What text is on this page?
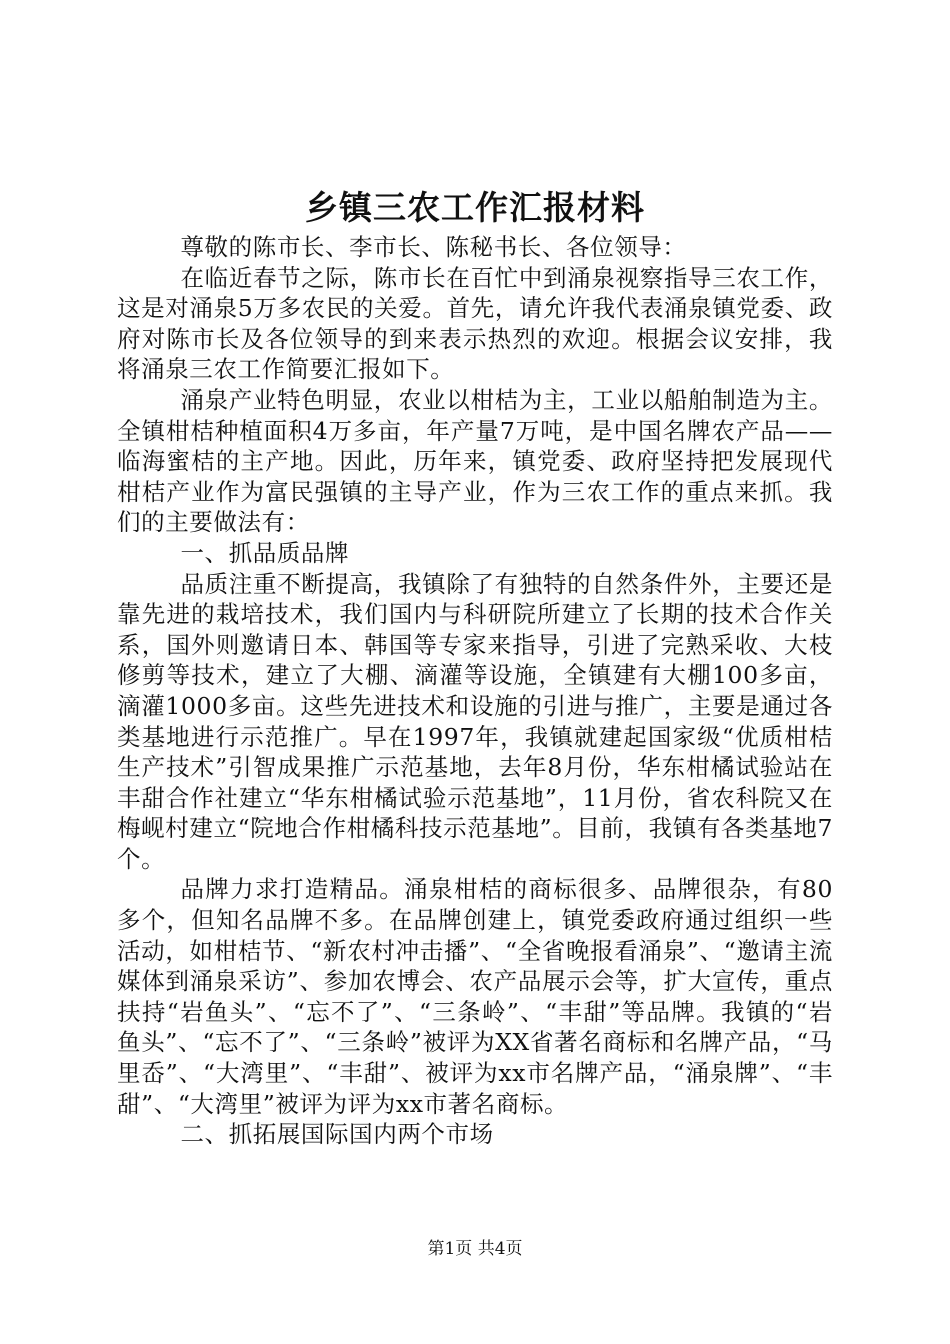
乡镇三农工作汇报材料

尊敬的陈市长、李市长、陈秘书长、各位领导：

在临近春节之际，陈市长在百忙中到涌泉视察指导三农工作，这是对涌泉5万多农民的关爱。首先，请允许我代表涌泉镇党委、政府对陈市长及各位领导的到来表示热烈的欢迎。根据会议安排，我将涌泉三农工作简要汇报如下。

涌泉产业特色明显，农业以柑桔为主，工业以船舶制造为主。全镇柑桔种植面积4万多亩，年产量7万吨，是中国名牌农产品——临海蜜桔的主产地。因此，历年来，镇党委、政府坚持把发展现代柑桔产业作为富民强镇的主导产业，作为三农工作的重点来抓。我们的主要做法有：

一、抓品质品牌

品质注重不断提高，我镇除了有独特的自然条件外，主要还是靠先进的栽培技术，我们国内与科研院所建立了长期的技术合作关系，国外则邀请日本、韩国等专家来指导，引进了完熟采收、大枝修剪等技术，建立了大棚、滴灌等设施，全镇建有大棚100多亩，滴灌1000多亩。这些先进技术和设施的引进与推广，主要是通过各类基地进行示范推广。早在1997年，我镇就建起国家级“优质柑桔生产技术”引智成果推广示范基地，去年8月份，华东柑橘试验站在丰甜合作社建立“华东柑橘试验示范基地”，11月份，省农科院又在梅岘村建立“院地合作柑橘科技示范基地”。目前，我镇有各类基地7个。

品牌力求打造精品。涌泉柑桔的商标很多、品牌很杂，有80多个，但知名品牌不多。在品牌创建上，镇党委政府通过组织一些活动，如柑桔节、“新农村冲击播”、“全省晚报看涌泉”、“邀请主流媒体到涌泉采访”、参加农博会、农产品展示会等，扩大宣传，重点扶持“岩鱼头”、“忘不了”、“三条岭”、“丰甜”等品牌。我镇的“岩鱼头”、“忘不了”、“三条岭”被评为XX省著名商标和名牌产品，“马里岙”、“大湾里”、“丰甜”、被评为xx市名牌产品，“涌泉牌”、“丰甜”、“大湾里”被评为评为xx市著名商标。

二、抓拓展国际国内两个市场

第1页 共4页
